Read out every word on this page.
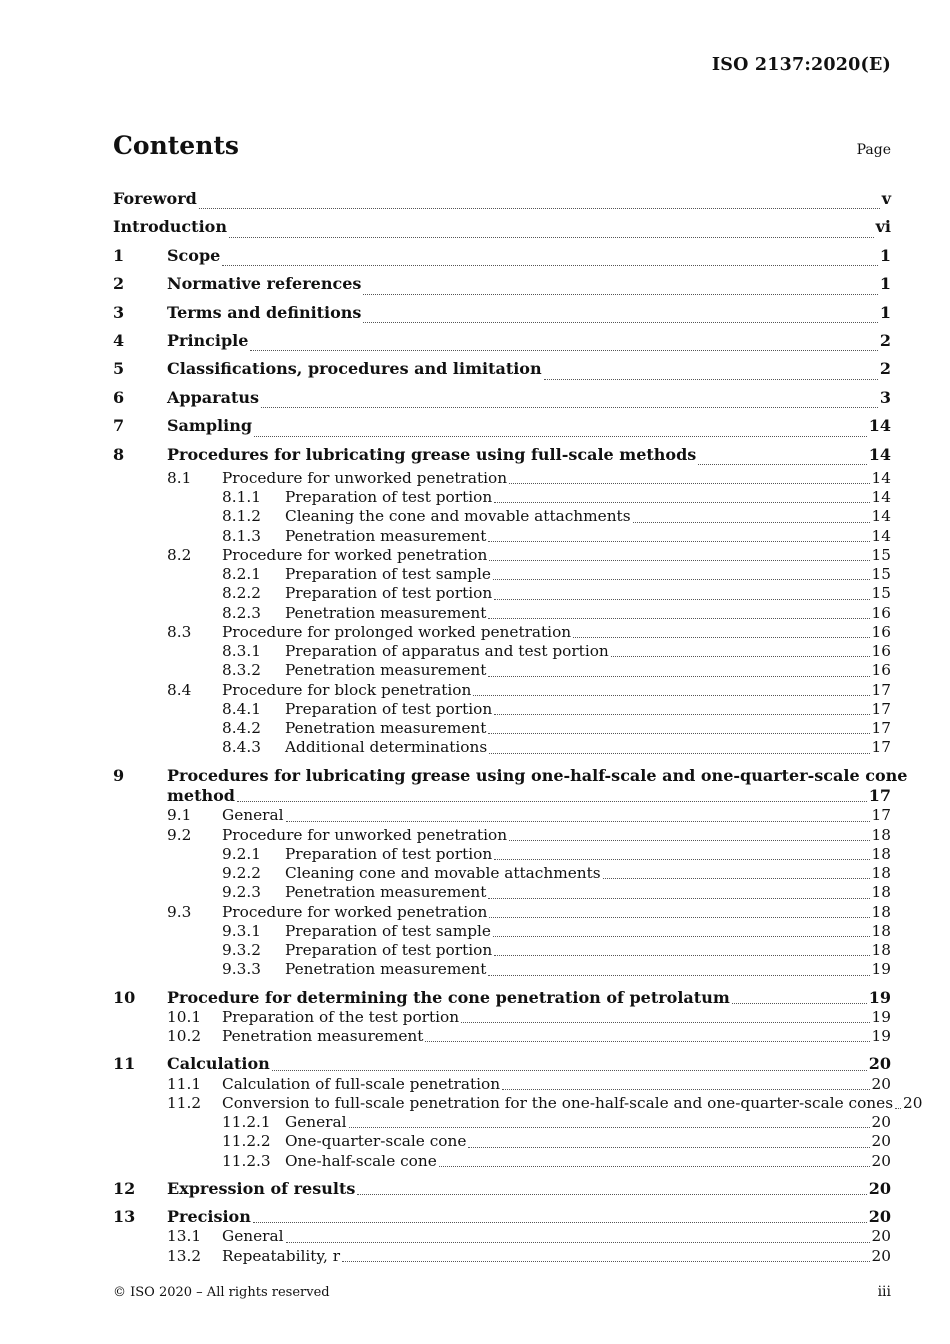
ISO 2137:2020(E)
Contents	Page
Foreword	v
Introduction	vi
1	Scope	1
2	Normative references	1
3	Terms and definitions	1
4	Principle	2
5	Classifications, procedures and limitation	2
6	Apparatus	3
7	Sampling	14
8	Procedures for lubricating grease using full-scale methods	14
8.1	Procedure for unworked penetration	14
8.1.1	Preparation of test portion	14
8.1.2	Cleaning the cone and movable attachments	14
8.1.3	Penetration measurement	14
8.2	Procedure for worked penetration	15
8.2.1	Preparation of test sample	15
8.2.2	Preparation of test portion	15
8.2.3	Penetration measurement	16
8.3	Procedure for prolonged worked penetration	16
8.3.1	Preparation of apparatus and test portion	16
8.3.2	Penetration measurement	16
8.4	Procedure for block penetration	17
8.4.1	Preparation of test portion	17
8.4.2	Penetration measurement	17
8.4.3	Additional determinations	17
9	Procedures for lubricating grease using one-half-scale and one-quarter-scale cone
method	17
9.1	General	17
9.2	Procedure for unworked penetration	18
9.2.1	Preparation of test portion	18
9.2.2	Cleaning cone and movable attachments	18
9.2.3	Penetration measurement	18
9.3	Procedure for worked penetration	18
9.3.1	Preparation of test sample	18
9.3.2	Preparation of test portion	18
9.3.3	Penetration measurement	19
10	Procedure for determining the cone penetration of petrolatum	19
10.1	Preparation of the test portion	19
10.2	Penetration measurement	19
11	Calculation	20
11.1	Calculation of full-scale penetration	20
11.2	Conversion to full-scale penetration for the one-half-scale and one-quarter-scale cones 20
11.2.1 General	20
11.2.2 One-quarter-scale cone	20
11.2.3 One-half-scale cone	20
12	Expression of results	20
13	Precision	20
13.1	General	20
13.2	Repeatability, r	20
© ISO 2020 – All rights reserved	iii
